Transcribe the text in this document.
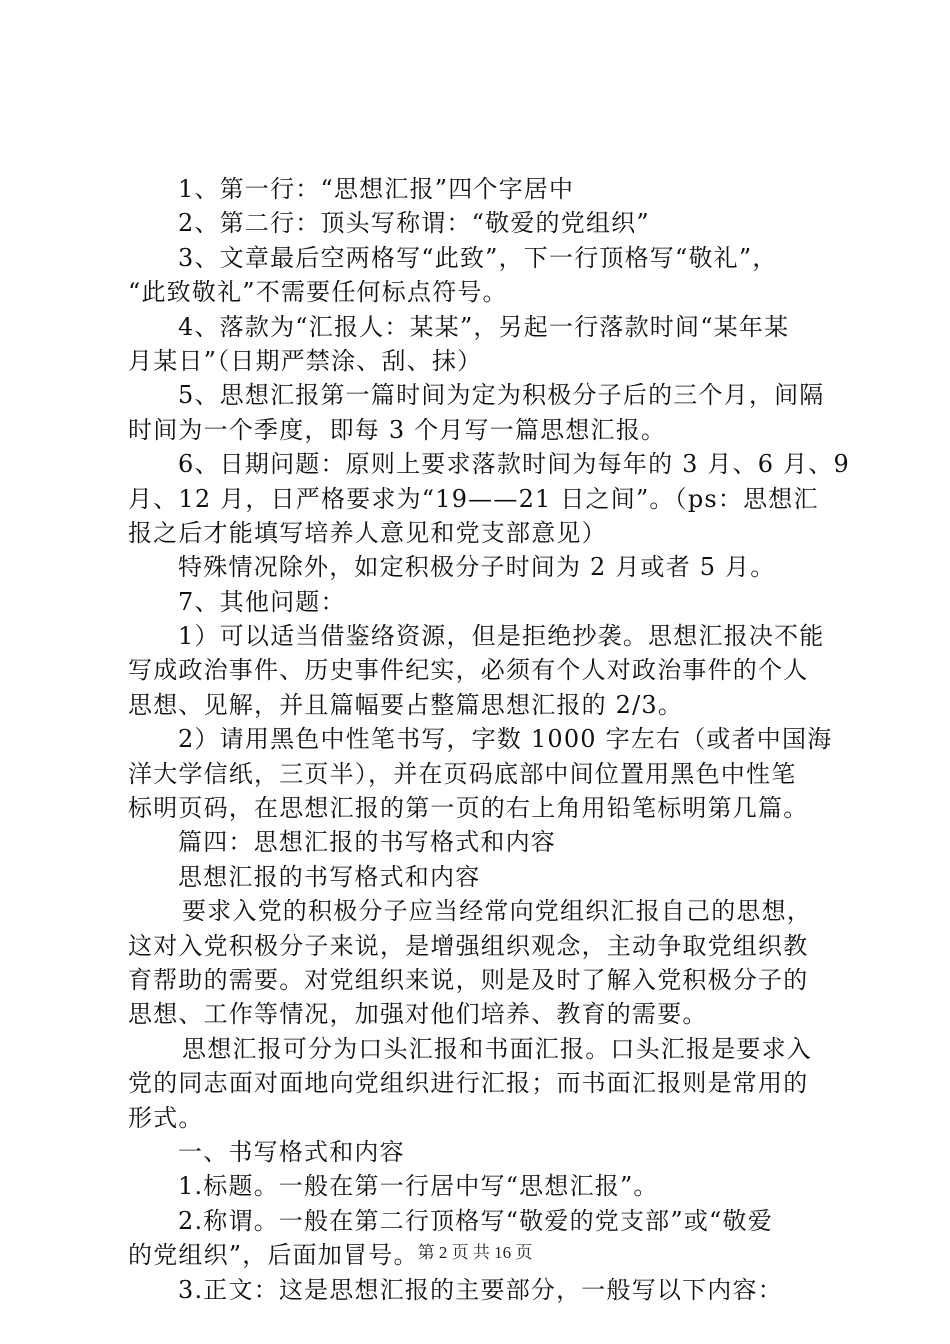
1、第一行：“思想汇报”四个字居中
2、第二行：顶头写称谓：“敬爱的党组织”
3、文章最后空两格写“此致”，下一行顶格写“敬礼”，
“此致敬礼”不需要任何标点符号。
4、落款为“汇报人：某某”，另起一行落款时间“某年某
月某日”（日期严禁涂、刮、抹）
5、思想汇报第一篇时间为定为积极分子后的三个月，间隔
时间为一个季度，即每 3 个月写一篇思想汇报。
6、日期问题：原则上要求落款时间为每年的 3 月、6 月、9
月、12 月，日严格要求为“19——21 日之间”。（ps：思想汇
报之后才能填写培养人意见和党支部意见）
特殊情况除外，如定积极分子时间为 2 月或者 5 月。
7、其他问题：
1）可以适当借鉴络资源，但是拒绝抄袭。思想汇报决不能
写成政治事件、历史事件纪实，必须有个人对政治事件的个人
思想、见解，并且篇幅要占整篇思想汇报的 2/3。
2）请用黑色中性笔书写，字数 1000 字左右（或者中国海
洋大学信纸，三页半），并在页码底部中间位置用黑色中性笔
标明页码，在思想汇报的第一页的右上角用铅笔标明第几篇。
篇四：思想汇报的书写格式和内容
思想汇报的书写格式和内容
要求入党的积极分子应当经常向党组织汇报自己的思想，
这对入党积极分子来说，是增强组织观念，主动争取党组织教
育帮助的需要。对党组织来说，则是及时了解入党积极分子的
思想、工作等情况，加强对他们培养、教育的需要。
思想汇报可分为口头汇报和书面汇报。口头汇报是要求入
党的同志面对面地向党组织进行汇报；而书面汇报则是常用的
形式。
一、书写格式和内容
1.标题。一般在第一行居中写“思想汇报”。
2.称谓。一般在第二行顶格写“敬爱的党支部”或“敬爱
的党组织”，后面加冒号。
3.正文：这是思想汇报的主要部分，一般写以下内容：
第 2 页 共 16 页
